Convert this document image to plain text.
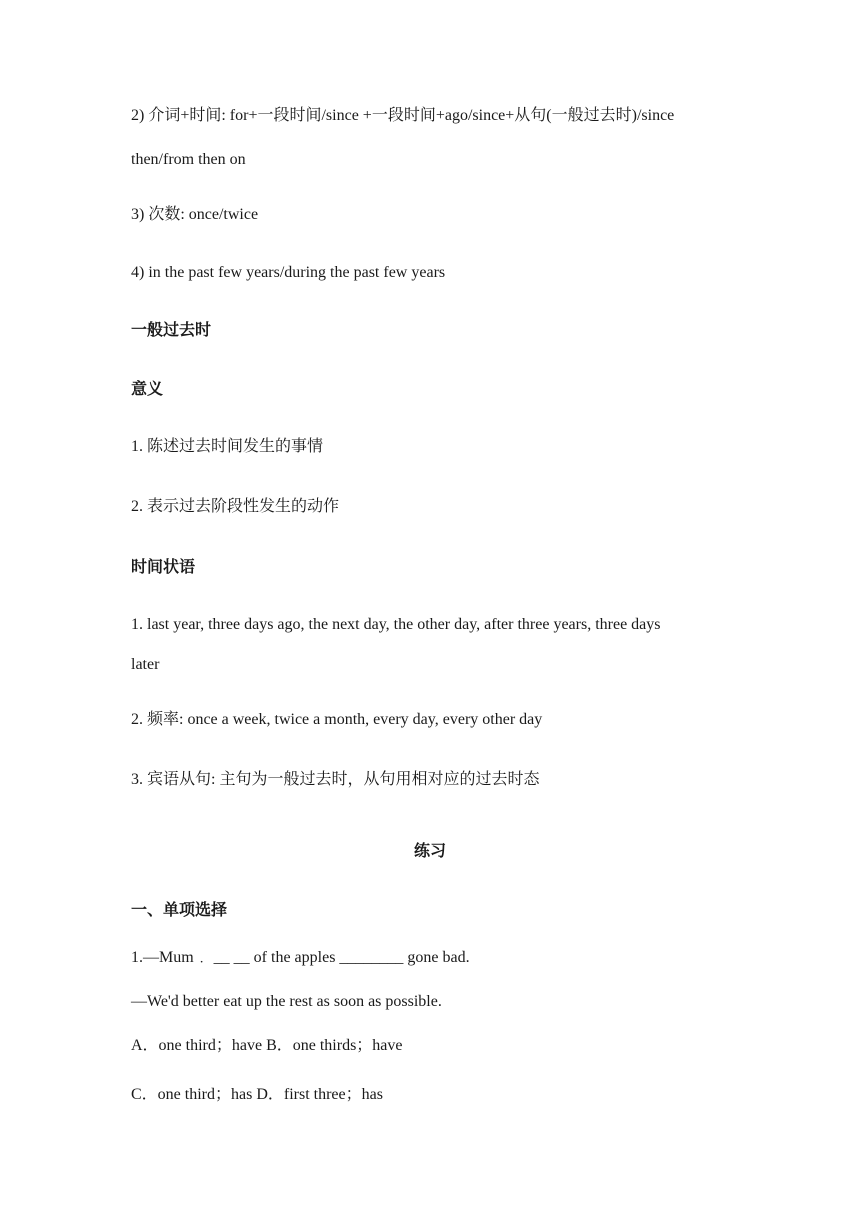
2) 介词+时间: for+一段时间/since +一段时间+ago/since+从句(一般过去时)/since
then/from then on
3) 次数: once/twice
4) in the past few years/during the past few years
一般过去时
意义
1. 陈述过去时间发生的事情
2. 表示过去阶段性发生的动作
时间状语
1. last year, three days ago, the next day, the other day, after three years, three days
later
2. 频率: once a week, twice a month, every day, every other day
3. 宾语从句: 主句为一般过去时，从句用相对应的过去时态
练习
一、单项选择
1.—Mum﹒ __ __ of the apples ________ gone bad.
—We'd better eat up the rest as soon as possible.
A．one third；have B．one thirds；have
C．one third；has D．first three；has
